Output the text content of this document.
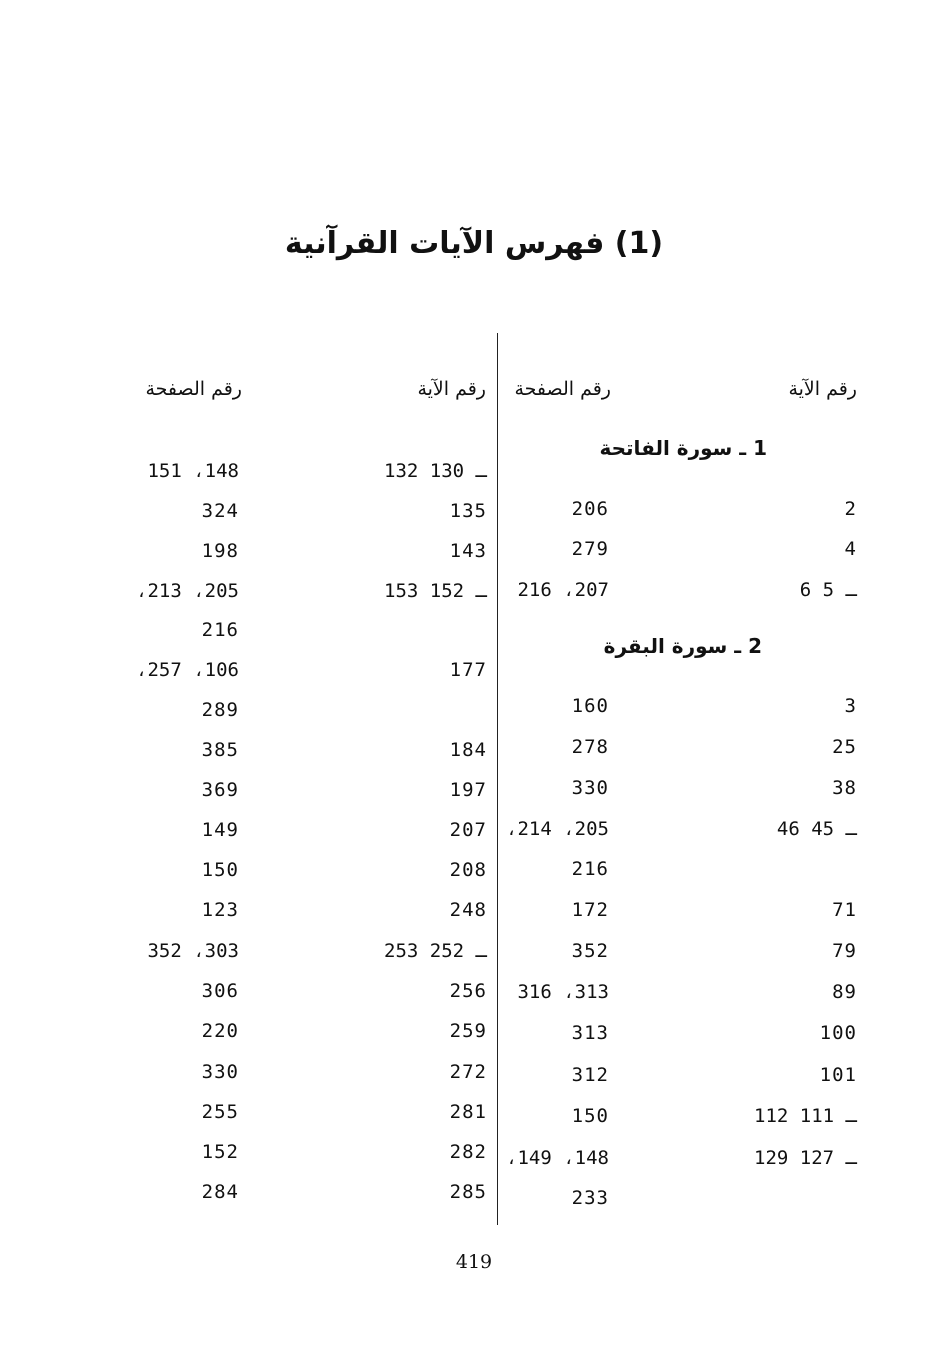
(1) فهرس الآيات القرآنية
رقم الآية
رقم الصفحة
رقم الآية
رقم الصفحة
1 ـ سورة الفاتحة
2 ـ سورة البقرة
2
206
4
279
6 ـ 5
216 ،207
3
160
25
278
38
330
46 ـ 45
،214 ،205
216
71
172
79
352
89
316 ،313
100
313
101
312
112 ـ 111
150
129 ـ 127
،149 ،148
233
132 ـ 130
151 ،148
135
324
143
198
153 ـ 152
،213 ،205
216
177
،257 ،106
289
184
385
197
369
207
149
208
150
248
123
253 ـ 252
352 ،303
256
306
259
220
272
330
281
255
282
152
285
284
419
